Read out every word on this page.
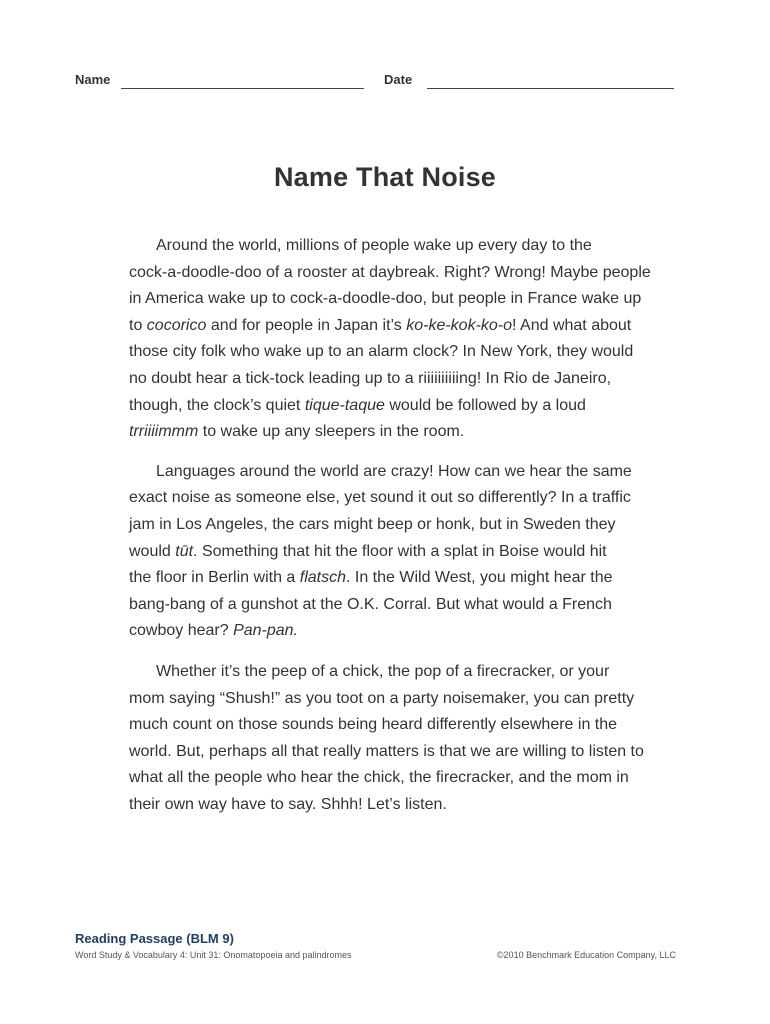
Name	Date
Name That Noise

Around the world, millions of people wake up every day to the
cock-a-doodle-doo of a rooster at daybreak. Right? Wrong! Maybe people
in America wake up to cock-a-doodle-doo, but people in France wake up
to cocorico and for people in Japan it’s ko-ke-kok-ko-o! And what about
those city folk who wake up to an alarm clock? In New York, they would
no doubt hear a tick-tock leading up to a riiiiiiiiiing! In Rio de Janeiro,
though, the clock’s quiet tique-taque would be followed by a loud
trriiiimmm to wake up any sleepers in the room.

Languages around the world are crazy! How can we hear the same
exact noise as someone else, yet sound it out so differently? In a traffic
jam in Los Angeles, the cars might beep or honk, but in Sweden they
would tūt. Something that hit the floor with a splat in Boise would hit
the floor in Berlin with a flatsch. In the Wild West, you might hear the
bang-bang of a gunshot at the O.K. Corral. But what would a French
cowboy hear? Pan-pan.

Whether it’s the peep of a chick, the pop of a firecracker, or your
mom saying “Shush!” as you toot on a party noisemaker, you can pretty
much count on those sounds being heard differently elsewhere in the
world. But, perhaps all that really matters is that we are willing to listen to
what all the people who hear the chick, the firecracker, and the mom in
their own way have to say. Shhh! Let’s listen.

Reading Passage (BLM 9)
Word Study & Vocabulary 4: Unit 31: Onomatopoeia and palindromes	©2010 Benchmark Education Company, LLC
